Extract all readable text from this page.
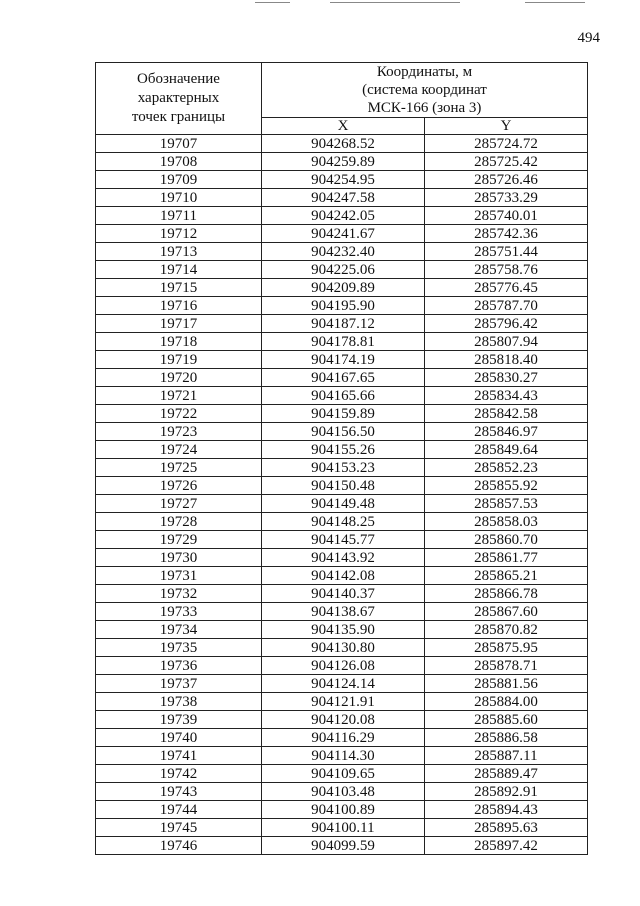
494
Обозначение
характерных
точек границы	Координаты, м
(система координат
МСК-166 (зона 3)	

	X	Y
19707	904268.52	285724.72
19708	904259.89	285725.42
19709	904254.95	285726.46
19710	904247.58	285733.29
19711	904242.05	285740.01
19712	904241.67	285742.36
19713	904232.40	285751.44
19714	904225.06	285758.76
19715	904209.89	285776.45
19716	904195.90	285787.70
19717	904187.12	285796.42
19718	904178.81	285807.94
19719	904174.19	285818.40
19720	904167.65	285830.27
19721	904165.66	285834.43
19722	904159.89	285842.58
19723	904156.50	285846.97
19724	904155.26	285849.64
19725	904153.23	285852.23
19726	904150.48	285855.92
19727	904149.48	285857.53
19728	904148.25	285858.03
19729	904145.77	285860.70
19730	904143.92	285861.77
19731	904142.08	285865.21
19732	904140.37	285866.78
19733	904138.67	285867.60
19734	904135.90	285870.82
19735	904130.80	285875.95
19736	904126.08	285878.71
19737	904124.14	285881.56
19738	904121.91	285884.00
19739	904120.08	285885.60
19740	904116.29	285886.58
19741	904114.30	285887.11
19742	904109.65	285889.47
19743	904103.48	285892.91
19744	904100.89	285894.43
19745	904100.11	285895.63
19746	904099.59	285897.42
